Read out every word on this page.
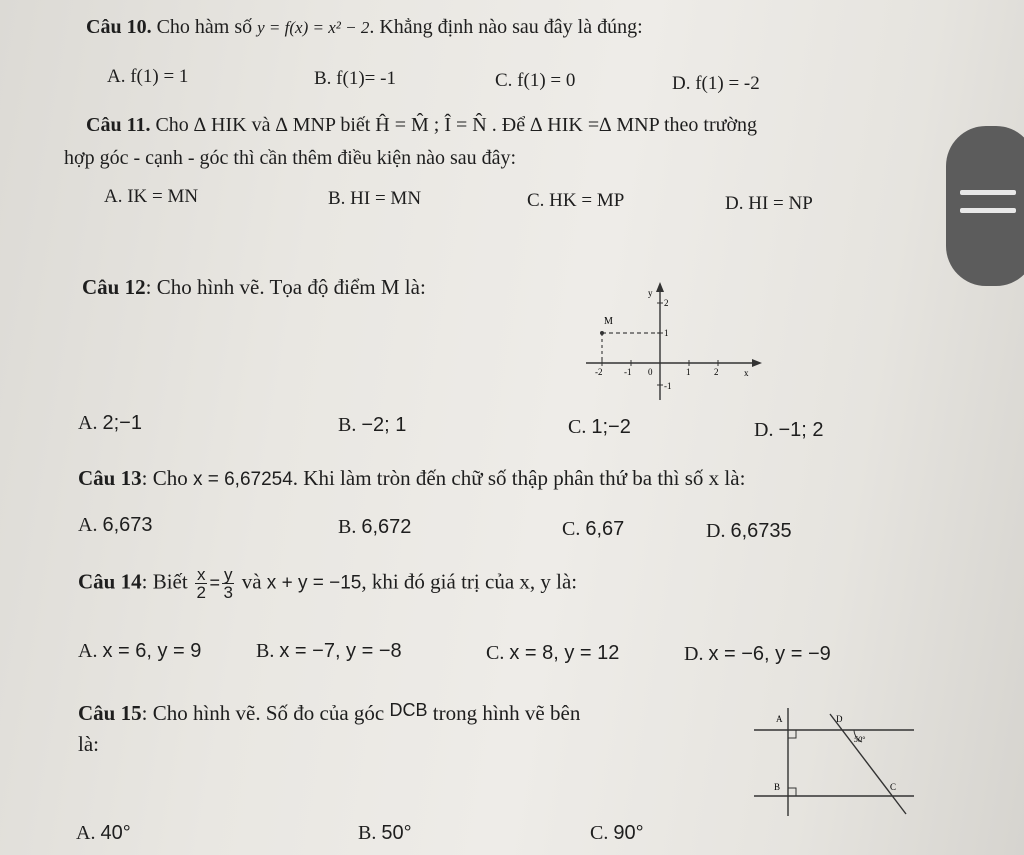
Câu 10. Cho hàm số y = f(x) = x² − 2. Khẳng định nào sau đây là đúng:
A. f(1) = 1	B. f(1)= -1	C. f(1) = 0	D. f(1) = -2
Câu 11. Cho ∆ HIK và ∆ MNP biết Ĥ = M̂ ; Î = N̂ . Để ∆ HIK =∆ MNP theo trường
hợp góc - cạnh - góc thì cần thêm điều kiện nào sau đây:
A. IK = MN	B. HI = MN	C. HK = MP	D. HI = NP
Câu 12: Cho hình vẽ. Tọa độ điểm M là:
M
y
x
-2 -1 0	1	2
2
1
-1
A. 2;−1	B. −2; 1	C. 1;−2	D. −1; 2
Câu 13: Cho x = 6,67254. Khi làm tròn đến chữ số thập phân thứ ba thì số x là:
A. 6,673	B. 6,672	C. 6,67	D. 6,6735
Câu 14: Biết $\frac{x}{2} = \frac{y}{3}$ và x + y = −15, khi đó giá trị của x, y là:
A. x = 6, y = 9	B. x = −7, y = −8	C. x = 8, y = 12	D. x = −6, y = −9
Câu 15: Cho hình vẽ. Số đo của góc DCB trong hình vẽ bên
là:
A	D
B	C
50°
A. 40°	B. 50°	C. 90°
